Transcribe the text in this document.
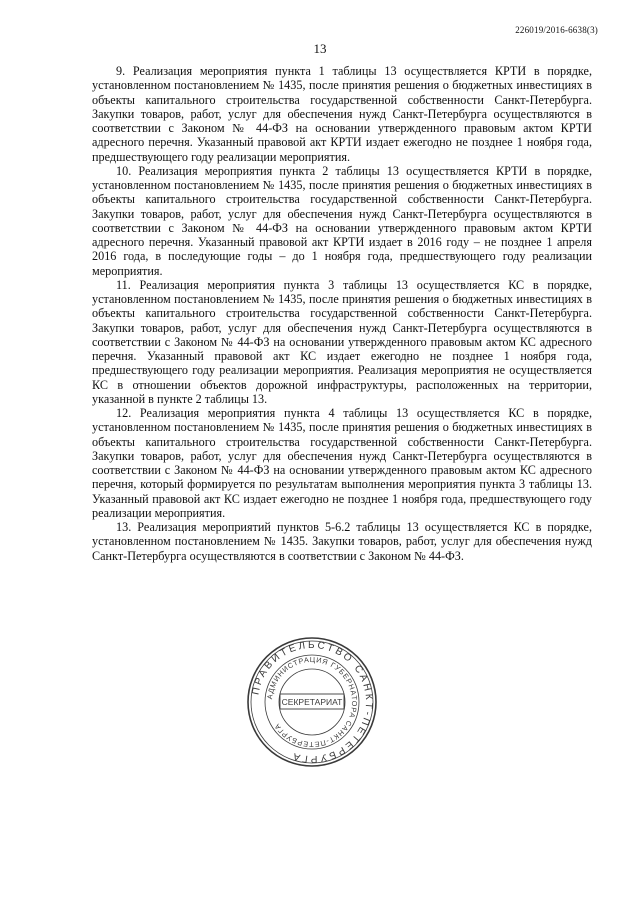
226019/2016-6638(3)
13

9. Реализация мероприятия пункта 1 таблицы 13 осуществляется КРТИ в порядке, установленном постановлением № 1435, после принятия решения о бюджетных инвестициях в объекты капитального строительства государственной собственности Санкт-Петербурга. Закупки товаров, работ, услуг для обеспечения нужд Санкт-Петербурга осуществляются в соответствии с Законом № 44-ФЗ на основании утвержденного правовым актом КРТИ адресного перечня. Указанный правовой акт КРТИ издает ежегодно не позднее 1 ноября года, предшествующего году реализации мероприятия.

10. Реализация мероприятия пункта 2 таблицы 13 осуществляется КРТИ в порядке, установленном постановлением № 1435, после принятия решения о бюджетных инвестициях в объекты капитального строительства государственной собственности Санкт-Петербурга. Закупки товаров, работ, услуг для обеспечения нужд Санкт-Петербурга осуществляются в соответствии с Законом № 44-ФЗ на основании утвержденного правовым актом КРТИ адресного перечня. Указанный правовой акт КРТИ издает в 2016 году – не позднее 1 апреля 2016 года, в последующие годы – до 1 ноября года, предшествующего году реализации мероприятия.

11. Реализация мероприятия пункта 3 таблицы 13 осуществляется КС в порядке, установленном постановлением № 1435, после принятия решения о бюджетных инвестициях в объекты капитального строительства государственной собственности Санкт-Петербурга. Закупки товаров, работ, услуг для обеспечения нужд Санкт-Петербурга осуществляются в соответствии с Законом № 44-ФЗ на основании утвержденного правовым актом КС адресного перечня. Указанный правовой акт КС издает ежегодно не позднее 1 ноября года, предшествующего году реализации мероприятия. Реализация мероприятия не осуществляется КС в отношении объектов дорожной инфраструктуры, расположенных на территории, указанной в пункте 2 таблицы 13.

12. Реализация мероприятия пункта 4 таблицы 13 осуществляется КС в порядке, установленном постановлением № 1435, после принятия решения о бюджетных инвестициях в объекты капитального строительства государственной собственности Санкт-Петербурга. Закупки товаров, работ, услуг для обеспечения нужд Санкт-Петербурга осуществляются в соответствии с Законом № 44-ФЗ на основании утвержденного правовым актом КС адресного перечня, который формируется по результатам выполнения мероприятия пункта 3 таблицы 13. Указанный правовой акт КС издает ежегодно не позднее 1 ноября года, предшествующего году реализации мероприятия.

13. Реализация мероприятий пунктов 5-6.2 таблицы 13 осуществляется КС в порядке, установленном постановлением № 1435. Закупки товаров, работ, услуг для обеспечения нужд Санкт-Петербурга осуществляются в соответствии с Законом № 44-ФЗ.

ПРАВИТЕЛЬСТВО САНКТ-ПЕТЕРБУРГА
АДМИНИСТРАЦИЯ ГУБЕРНАТОРА САНКТ-ПЕТЕРБУРГА
СЕКРЕТАРИАТ
